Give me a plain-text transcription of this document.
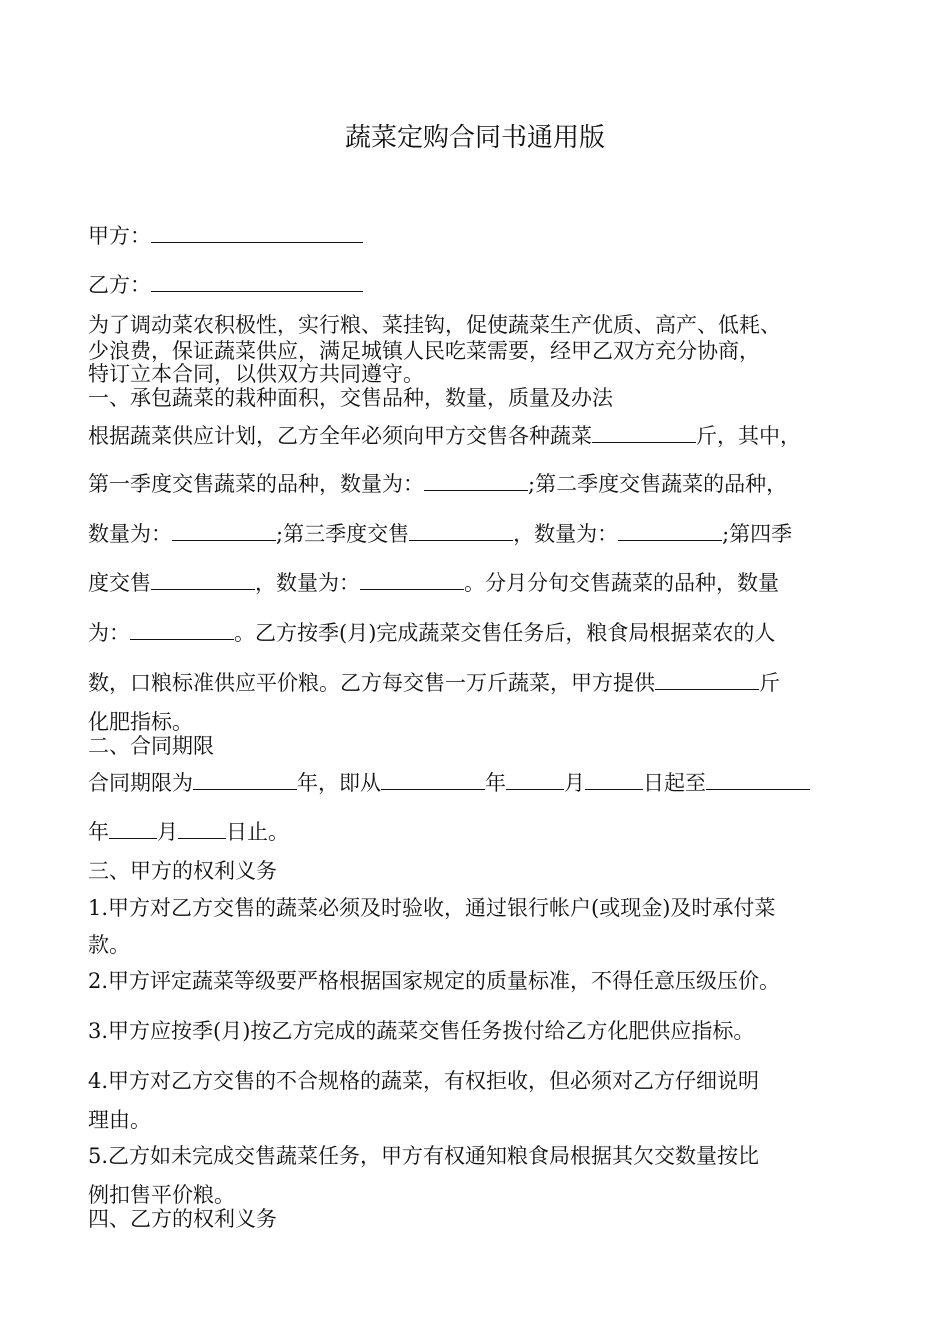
蔬菜定购合同书通用版

甲方：

乙方：

为了调动菜农积极性，实行粮、菜挂钩，促使蔬菜生产优质、高产、低耗、

少浪费，保证蔬菜供应，满足城镇人民吃菜需要，经甲乙双方充分协商，

特订立本合同，以供双方共同遵守。

一、承包蔬菜的栽种面积，交售品种，数量，质量及办法

根据蔬菜供应计划，乙方全年必须向甲方交售各种蔬菜	斤，其中，

第一季度交售蔬菜的品种，数量为：	;第二季度交售蔬菜的品种，

数量为：	;第三季度交售	，数量为：	;第四季

度交售	，数量为：	。分月分旬交售蔬菜的品种，数量

为：	。乙方按季(月)完成蔬菜交售任务后，粮食局根据菜农的人

数，口粮标准供应平价粮。乙方每交售一万斤蔬菜，甲方提供	斤

化肥指标。

二、合同期限

合同期限为	年，即从	年	月	日起至

年 月 日止。

三、甲方的权利义务

1.甲方对乙方交售的蔬菜必须及时验收，通过银行帐户(或现金)及时承付菜

款。

2.甲方评定蔬菜等级要严格根据国家规定的质量标准，不得任意压级压价。

3.甲方应按季(月)按乙方完成的蔬菜交售任务拨付给乙方化肥供应指标。

4.甲方对乙方交售的不合规格的蔬菜，有权拒收，但必须对乙方仔细说明

理由。

5.乙方如未完成交售蔬菜任务，甲方有权通知粮食局根据其欠交数量按比

例扣售平价粮。

四、乙方的权利义务
